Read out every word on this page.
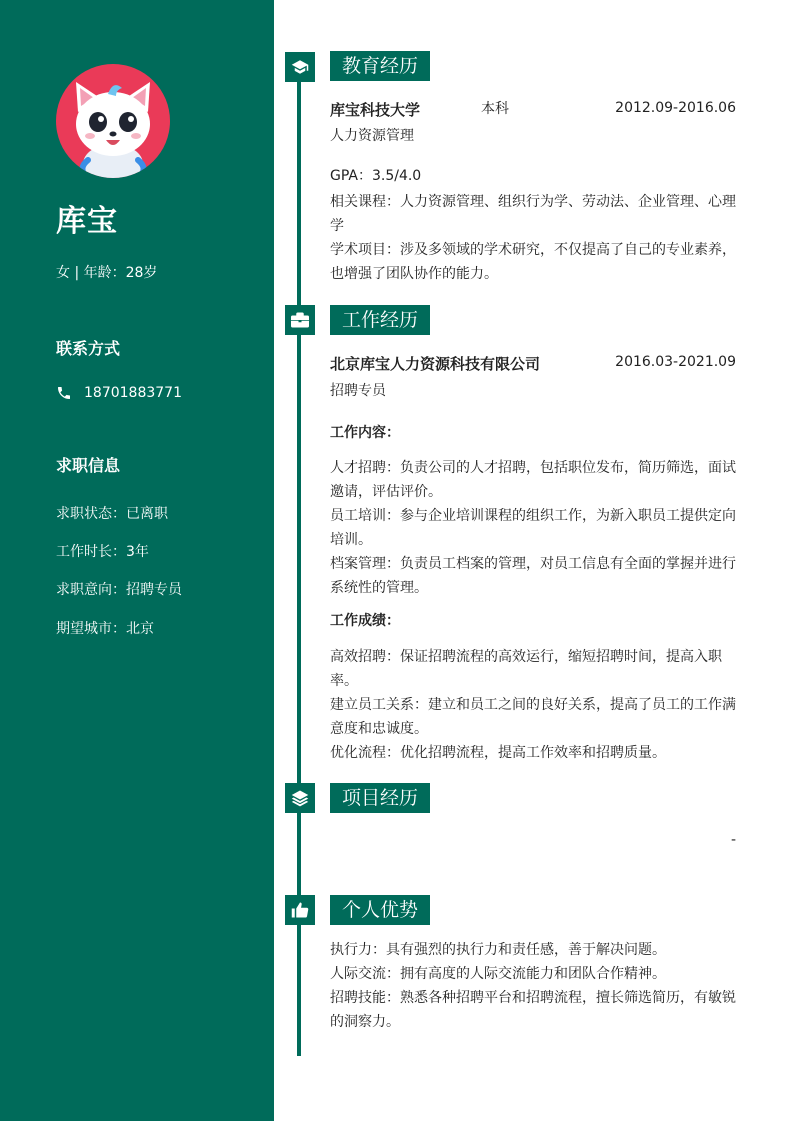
库宝
女 | 年龄：28岁
联系方式
18701883771
求职信息
求职状态：已离职
工作时长：3年
求职意向：招聘专员
期望城市：北京
教育经历
库宝科技大学	本科	2012.09-2016.06
人力资源管理
GPA：3.5/4.0
相关课程：人力资源管理、组织行为学、劳动法、企业管理、心理学
学术项目：涉及多领域的学术研究，不仅提高了自己的专业素养，也增强了团队协作的能力。
工作经历
北京库宝人力资源科技有限公司	2016.03-2021.09
招聘专员
工作内容：
人才招聘：负责公司的人才招聘，包括职位发布，简历筛选，面试邀请，评估评价。
员工培训：参与企业培训课程的组织工作，为新入职员工提供定向培训。
档案管理：负责员工档案的管理，对员工信息有全面的掌握并进行系统性的管理。
工作成绩：
高效招聘：保证招聘流程的高效运行，缩短招聘时间，提高入职率。
建立员工关系：建立和员工之间的良好关系，提高了员工的工作满意度和忠诚度。
优化流程：优化招聘流程，提高工作效率和招聘质量。
项目经历
-
个人优势
执行力：具有强烈的执行力和责任感，善于解决问题。
人际交流：拥有高度的人际交流能力和团队合作精神。
招聘技能：熟悉各种招聘平台和招聘流程，擅长筛选简历，有敏锐的洞察力。
